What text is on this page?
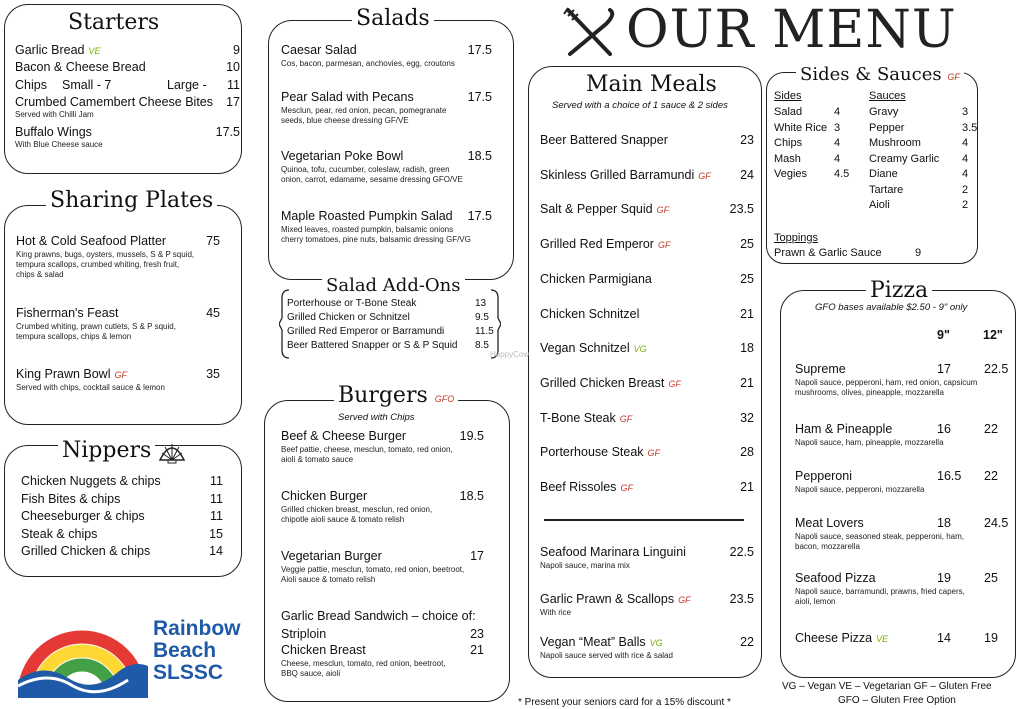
Starters
Garlic Bread VE	9
Bacon & Cheese Bread	10
Chips Small - 7	Large -	11
Crumbed Camembert Cheese Bites	17
Served with Chilli Jam
Buffalo Wings	17.5
With Blue Cheese sauce
Sharing Plates
Hot & Cold Seafood Platter	75
King prawns, bugs, oysters, mussels, S & P squid,
tempura scallops, crumbed whiting, fresh fruit,
chips & salad
Fisherman's Feast	45
Crumbed whiting, prawn cutlets, S & P squid,
tempura scallops, chips & lemon
King Prawn Bowl GF	35
Served with chips, cocktail sauce & lemon
Nippers
Chicken Nuggets & chips	11
Fish Bites & chips	11
Cheeseburger & chips	11
Steak & chips	15
Grilled Chicken & chips	14
Rainbow
Beach
SLSSC
Salads
Caesar Salad	17.5
Cos, bacon, parmesan, anchovies, egg, croutons
Pear Salad with Pecans	17.5
Mesclun, pear, red onion, pecan, pomegranate
seeds, blue cheese dressing GF/VE
Vegetarian Poke Bowl	18.5
Quinoa, tofu, cucumber, coleslaw, radish, green
onion, carrot, edamame, sesame dressing GFO/VE
Maple Roasted Pumpkin Salad	17.5
Mixed leaves, roasted pumpkin, balsamic onions
cherry tomatoes, pine nuts, balsamic dressing GF/VG
Salad Add-Ons
Porterhouse or T-Bone Steak	13
Grilled Chicken or Schnitzel	9.5
Grilled Red Emperor or Barramundi	11.5
Beer Battered Snapper or S & P Squid 8.5
Burgers GFO
Served with Chips
Beef & Cheese Burger	19.5
Beef pattie, cheese, mesclun, tomato, red onion,
aioli & tomato sauce
Chicken Burger	18.5
Grilled chicken breast, mesclun, red onion,
chipotle aioli sauce & tomato relish
Vegetarian Burger	17
Veggie pattie, mesclun, tomato, red onion, beetroot,
Aioli sauce & tomato relish
Garlic Bread Sandwich – choice of:
Striploin	23
Chicken Breast	21
Cheese, mesclun, tomato, red onion, beetroot,
BBQ sauce, aioli
OUR MENU
Main Meals
Served with a choice of 1 sauce & 2 sides
Beer Battered Snapper	23
Skinless Grilled Barramundi GF	24
Salt & Pepper Squid GF	23.5
Grilled Red Emperor GF	25
Chicken Parmigiana	25
Chicken Schnitzel	21
Vegan Schnitzel VG	18
Grilled Chicken Breast GF	21
T-Bone Steak GF	32
Porterhouse Steak GF	28
Beef Rissoles GF	21
Seafood Marinara Linguini	22.5
Napoli sauce, marina mix
Garlic Prawn & Scallops GF	23.5
With rice
Vegan “Meat” Balls VG	22
Napoli sauce served with rice & salad
* Present your seniors card for a 15% discount *
Sides & Sauces GF
Sides	Sauces
Salad	4
White Rice 3
Chips	4
Mash	4
Vegies 4.5
Gravy	3
Pepper	3.5
Mushroom	4
Creamy Garlic 4
Diane	4
Tartare	2
Aioli	2
Toppings
Prawn & Garlic Sauce	9
Pizza
GFO bases available $2.50 - 9" only
9"	12"
Supreme	17	22.5
Napoli sauce, pepperoni, ham, red onion, capsicum
mushrooms, olives, pineapple, mozzarella
Ham & Pineapple	16	22
Napoli sauce, ham, pineapple, mozzarella
Pepperoni	16.5 22
Napoli sauce, pepperoni, mozzarella
Meat Lovers	18	24.5
Napoli sauce, seasoned steak, pepperoni, ham,
bacon, mozzarella
Seafood Pizza	19	25
Napoli sauce, barramundi, prawns, fried capers,
aioli, lemon
Cheese Pizza VE	14	19
VG – Vegan VE – Vegetarian GF – Gluten Free
GFO – Gluten Free Option
HappyCow
